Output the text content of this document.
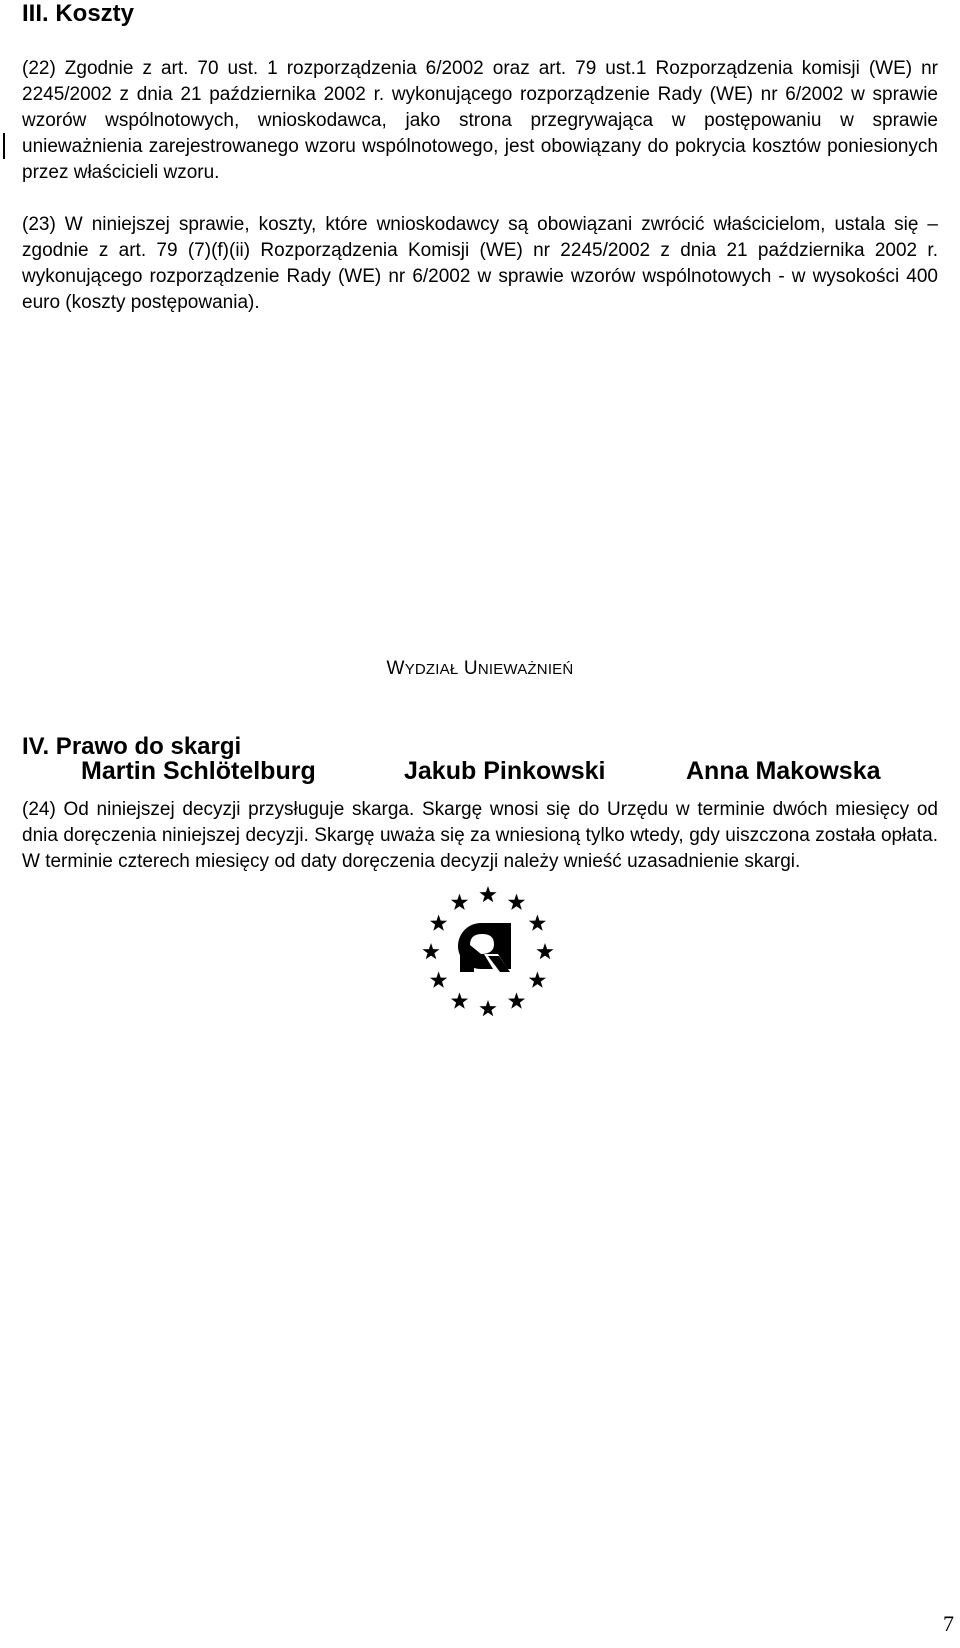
III. Koszty

(22) Zgodnie z art. 70 ust. 1 rozporządzenia 6/2002 oraz art. 79 ust.1 Rozporządzenia komisji (WE) nr 2245/2002 z dnia 21 października 2002 r. wykonującego rozporządzenie Rady (WE) nr 6/2002 w sprawie wzorów wspólnotowych, wnioskodawca, jako strona przegrywająca w postępowaniu w sprawie unieważnienia zarejestrowanego wzoru wspólnotowego, jest obowiązany do pokrycia kosztów poniesionych przez właścicieli wzoru.

(23) W niniejszej sprawie, koszty, które wnioskodawcy są obowiązani zwrócić właścicielom, ustala się – zgodnie z art. 79 (7)(f)(ii) Rozporządzenia Komisji (WE) nr 2245/2002 z dnia 21 października 2002 r. wykonującego rozporządzenie Rady (WE) nr 6/2002 w sprawie wzorów wspólnotowych - w wysokości 400 euro (koszty postępowania).

IV. Prawo do skargi

(24) Od niniejszej decyzji przysługuje skarga. Skargę wnosi się do Urzędu w terminie dwóch miesięcy od dnia doręczenia niniejszej decyzji. Skargę uważa się za wniesioną tylko wtedy, gdy uiszczona została opłata. W terminie czterech miesięcy od daty doręczenia decyzji należy wnieść uzasadnienie skargi.

WYDZIAŁ UNIEWAŻNIEŃ
Martin Schlötelburg	Jakub Pinkowski	Anna Makowska
7
